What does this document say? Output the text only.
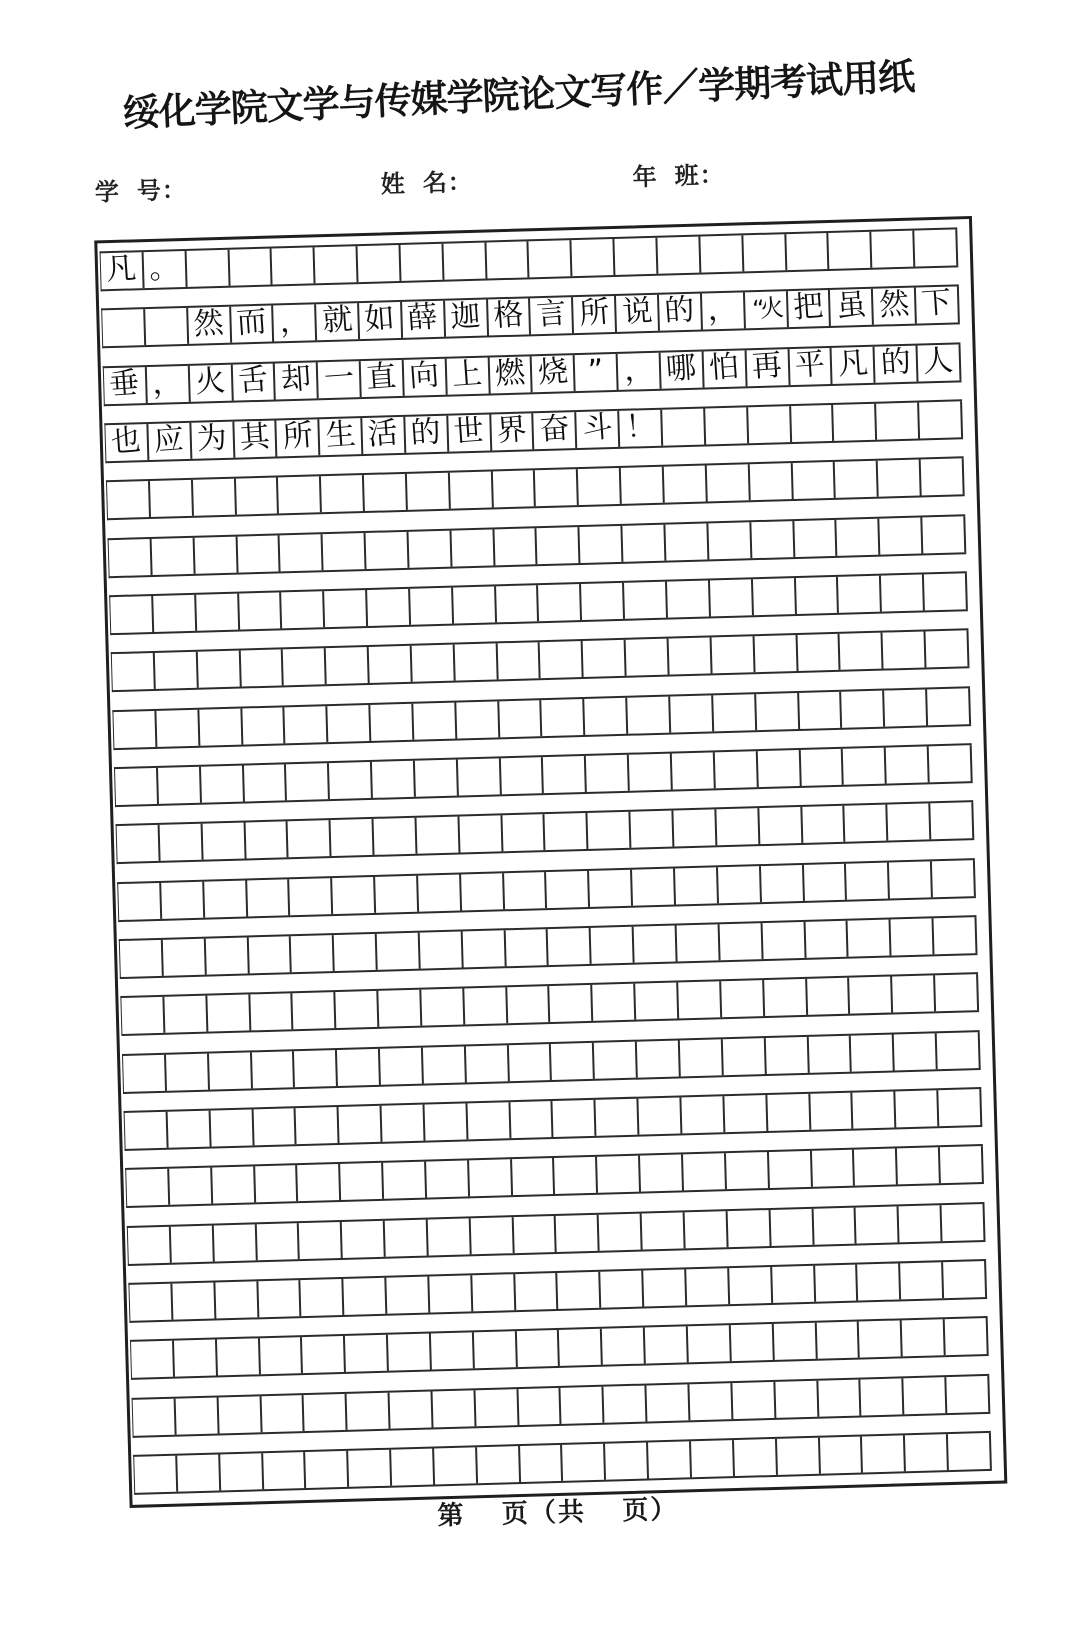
绥化学院文学与传媒学院论文写作／学期考试用纸
学 号：	姓 名：	年 班：
凡 。
然 而 ， 就 如 薛 迦 格 言 所 说 的 ， “火 把 虽 然 下
垂 ， 火 舌 却 一 直 向 上 燃 烧 ” ， 哪 怕 再 平 凡 的 人
也 应 为 其 所 生 活 的 世 界 奋 斗 ！
第　 页（共　 页）
